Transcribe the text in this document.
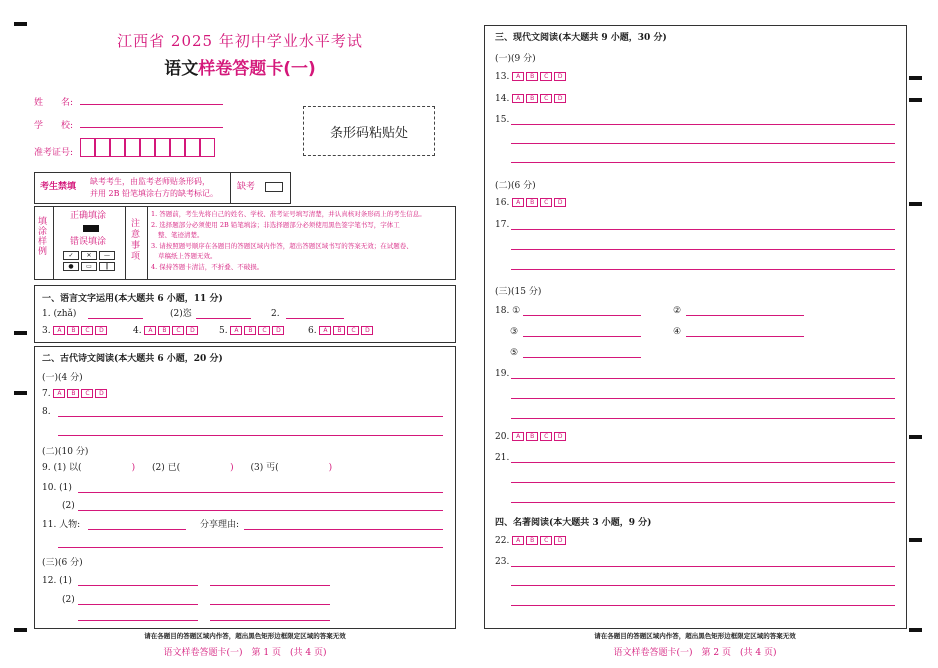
江西省 2025 年初中学业水平考试
语文样卷答题卡(一)
姓　　名:
学　　校:
准考证号:
条形码粘贴处
考生禁填
缺考考生，由监考老师贴条形码，
并用 2B 铅笔填涂右方的缺考标记。
缺考
填涂样例
正确填涂
错误填涂
✓	✕	—
●	▭	‖
注意事项
1. 答题前，考生先将自己的姓名、学校、准考证号填写清楚，并认真核对条形码上的考生信息。
2. 选择题部分必须使用 2B 铅笔填涂；非选择题部分必须使用黑色签字笔书写，字体工
整、笔迹清楚。
3. 请按照题号顺序在各题目的答题区域内作答，超出答题区域书写的答案无效；在试题卷、
草稿纸上答题无效。
4. 保持答题卡清洁，不折叠、不破损。
一、语言文字运用(本大题共 6 小题，11 分)
1. (zhǎ)	(2)恣	2.
3.	A	B	C	D	4.	A	B	C	D	5.	A	B	C	D	6.	A	B	C	D
二、古代诗文阅读(本大题共 6 小题，20 分)
(一)(4 分)
7.	A	B	C	D
8.
(二)(10 分)
9. (1) 以(	) (2) 已(	) (3) 丐(	)
10. (1)
(2)
11. 人物:	分享理由:
(三)(6 分)
12. (1)
(2)
请在各题目的答题区域内作答，超出黑色矩形边框限定区域的答案无效
语文样卷答题卡(一)　第 1 页　(共 4 页)
三、现代文阅读(本大题共 9 小题，30 分)
(一)(9 分)
13.	A	B	C	D
14.	A	B	C	D
15.
(二)(6 分)
16.	A	B	C	D
17.
(三)(15 分)
18. ①	②
③	④
⑤
19.
20.	A	B	C	D
21.
四、名著阅读(本大题共 3 小题，9 分)
22.	A	B	C	D
23.
请在各题目的答题区域内作答，超出黑色矩形边框限定区域的答案无效
语文样卷答题卡(一)　第 2 页　(共 4 页)
